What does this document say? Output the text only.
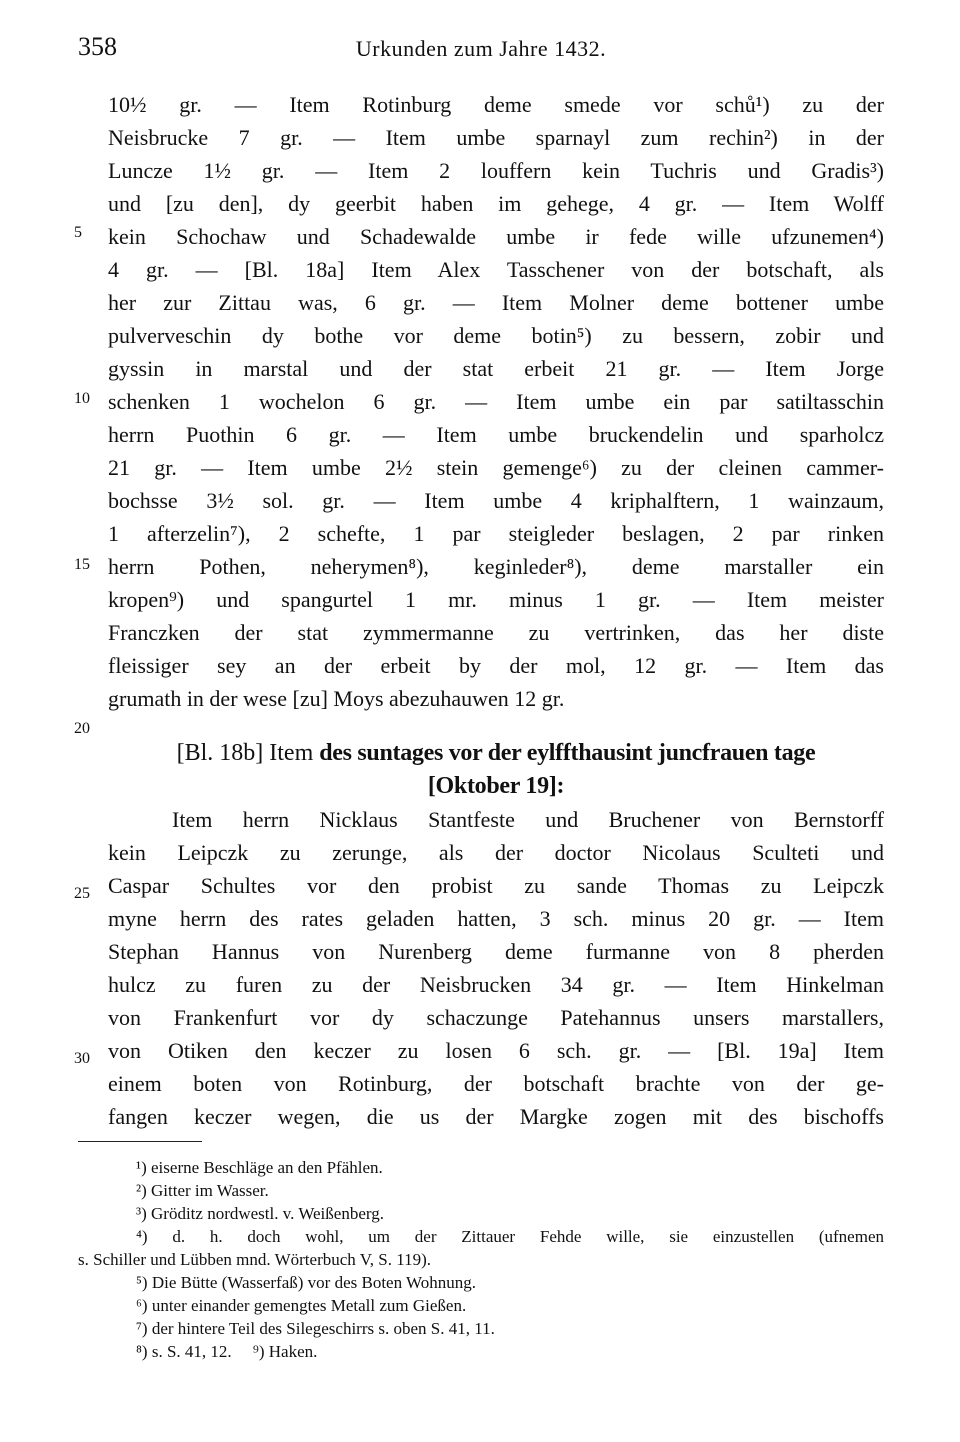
358	Urkunden zum Jahre 1432.
5
10
15
20
25
30
10½ gr. — Item Rotinburg deme smede vor schů¹) zu der
Neisbrucke 7 gr. — Item umbe sparnayl zum rechin²) in der
Luncze 1½ gr. — Item 2 louffern kein Tuchris und Gradis³)
und [zu den], dy geerbit haben im gehege, 4 gr. — Item Wolff
kein Schochaw und Schadewalde umbe ir fede wille ufzunemen⁴)
4 gr. — [Bl. 18a] Item Alex Tasschener von der botschaft, als
her zur Zittau was, 6 gr. — Item Molner deme bottener umbe
pulverveschin dy bothe vor deme botin⁵) zu bessern, zobir und
gyssin in marstal und der stat erbeit 21 gr. — Item Jorge
schenken 1 wochelon 6 gr. — Item umbe ein par satiltasschin
herrn Puothin 6 gr. — Item umbe bruckendelin und sparholcz
21 gr. — Item umbe 2½ stein gemenge⁶) zu der cleinen cammer-
bochsse 3½ sol. gr. — Item umbe 4 kriphalftern, 1 wainzaum,
1 afterzelin⁷), 2 schefte, 1 par steigleder beslagen, 2 par rinken
herrn Pothen, neherymen⁸), keginleder⁸), deme marstaller ein
kropen⁹) und spangurtel 1 mr. minus 1 gr. — Item meister
Franczken der stat zymmermanne zu vertrinken, das her diste
fleissiger sey an der erbeit by der mol, 12 gr. — Item das
grumath in der wese [zu] Moys abezuhauwen 12 gr.
[Bl. 18b] Item des suntages vor der eylffthausint juncfrauen tage
[Oktober 19]:
Item herrn Nicklaus Stantfeste und Bruchener von Bernstorff
kein Leipczk zu zerunge, als der doctor Nicolaus Sculteti und
Caspar Schultes vor den probist zu sande Thomas zu Leipczk
myne herrn des rates geladen hatten, 3 sch. minus 20 gr. — Item
Stephan Hannus von Nurenberg deme furmanne von 8 pherden
hulcz zu furen zu der Neisbrucken 34 gr. — Item Hinkelman
von Frankenfurt vor dy schaczunge Patehannus unsers marstallers,
von Otiken den keczer zu losen 6 sch. gr. — [Bl. 19a] Item
einem boten von Rotinburg, der botschaft brachte von der ge-
fangen keczer wegen, die us der Margke zogen mit des bischoffs
¹) eiserne Beschläge an den Pfählen.
²) Gitter im Wasser.
³) Gröditz nordwestl. v. Weißenberg.
⁴) d. h. doch wohl, um der Zittauer Fehde wille, sie einzustellen (ufnemen
s. Schiller und Lübben mnd. Wörterbuch V, S. 119).
⁵) Die Bütte (Wasserfaß) vor des Boten Wohnung.
⁶) unter einander gemengtes Metall zum Gießen.
⁷) der hintere Teil des Silegeschirrs s. oben S. 41, 11.
⁸) s. S. 41, 12.     ⁹) Haken.
